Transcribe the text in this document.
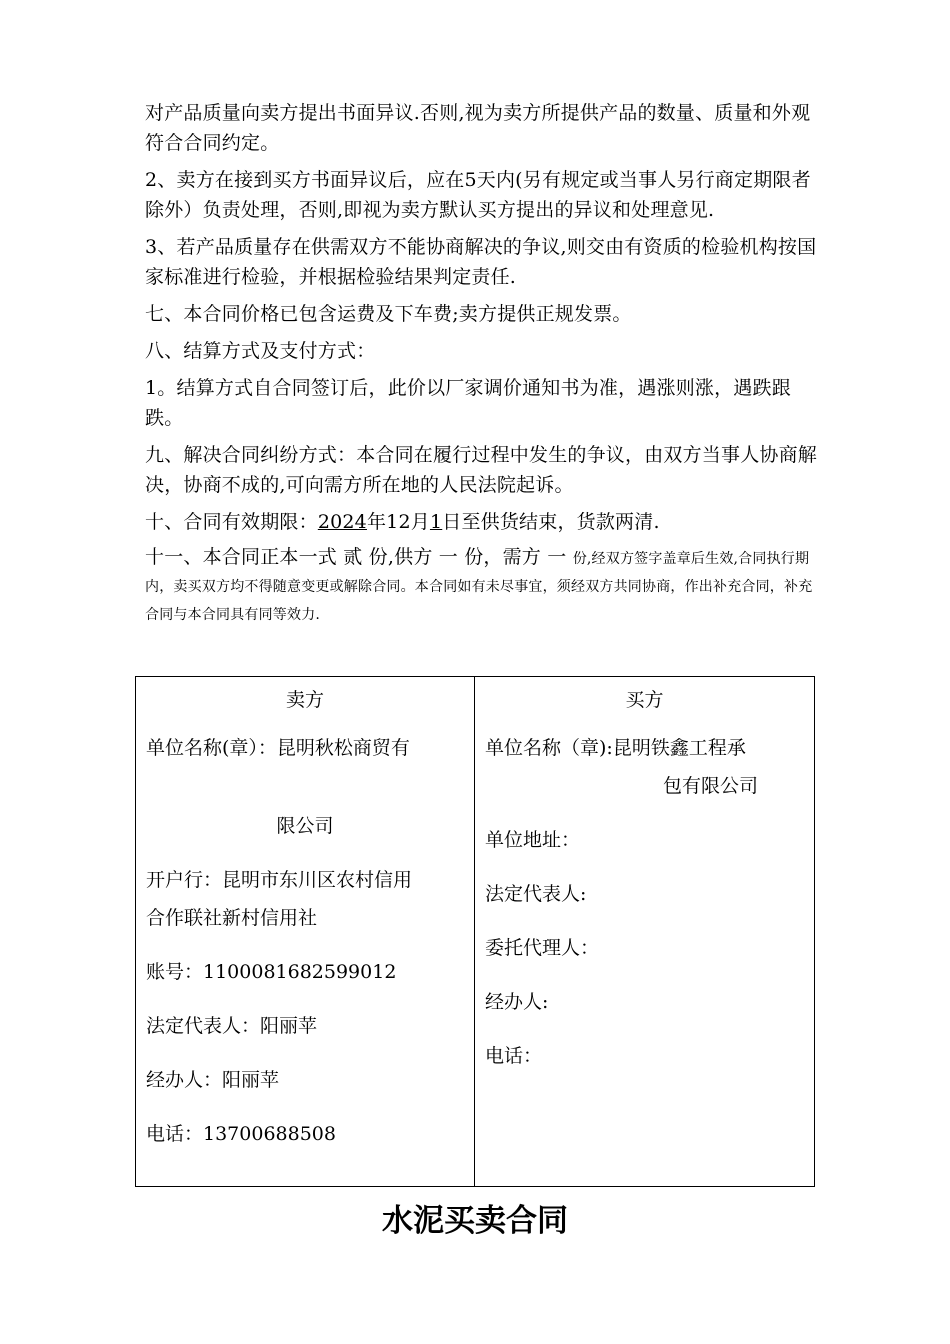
对产品质量向卖方提出书面异议.否则,视为卖方所提供产品的数量、质量和外观符合合同约定。

2、卖方在接到买方书面异议后，应在5天内(另有规定或当事人另行商定期限者除外）负责处理，否则,即视为卖方默认买方提出的异议和处理意见.

3、若产品质量存在供需双方不能协商解决的争议,则交由有资质的检验机构按国家标准进行检验，并根据检验结果判定责任.

七、本合同价格已包含运费及下车费;卖方提供正规发票。

八、结算方式及支付方式：

1。结算方式自合同签订后，此价以厂家调价通知书为准，遇涨则涨，遇跌跟跌。

九、解决合同纠纷方式：本合同在履行过程中发生的争议，由双方当事人协商解决，协商不成的,可向需方所在地的人民法院起诉。

十、合同有效期限：2024年12月1日至供货结束，货款两清.

十一、本合同正本一式 贰 份,供方 一 份，需方 一 份,经双方签字盖章后生效,合同执行期内，卖买双方均不得随意变更或解除合同。本合同如有未尽事宜，须经双方共同协商，作出补充合同，补充合同与本合同具有同等效力.

卖方
单位名称(章）：昆明秋松商贸有
限公司
开户行：昆明市东川区农村信用
合作联社新村信用社
账号：1100081682599012
法定代表人：阳丽苹
经办人：阳丽苹
电话：13700688508
买方
单位名称（章):昆明铁鑫工程承
包有限公司
单位地址：
法定代表人:
委托代理人：
经办人:
电话：
水泥买卖合同
